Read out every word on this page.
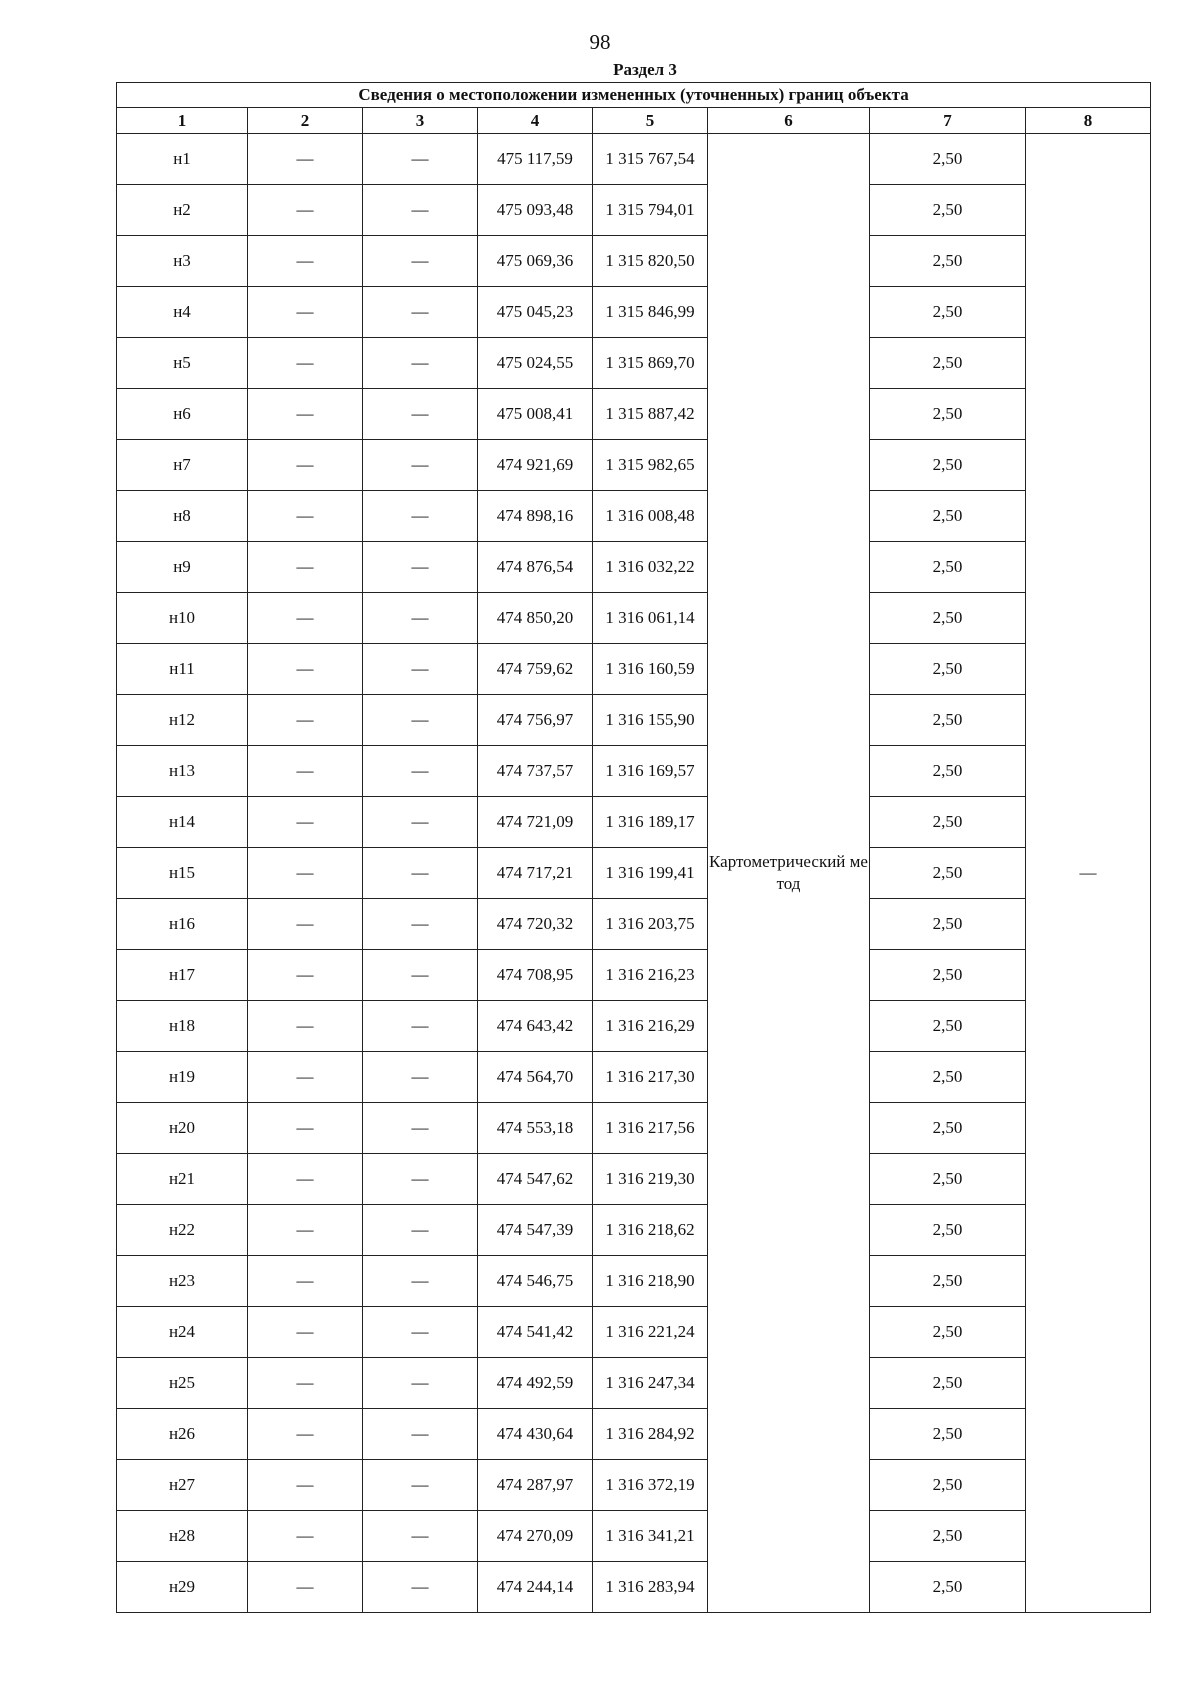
98
Раздел 3
Сведения о местоположении измененных (уточненных) границ объекта							
1	2	3	4	5	6	7	8
н1	—	—	475 117,59	1 315 767,54	Картометрический метод	2,50	—
н2	—	—	475 093,48	1 315 794,01		2,50	
н3	—	—	475 069,36	1 315 820,50		2,50	
н4	—	—	475 045,23	1 315 846,99		2,50	
н5	—	—	475 024,55	1 315 869,70		2,50	
н6	—	—	475 008,41	1 315 887,42		2,50	
н7	—	—	474 921,69	1 315 982,65		2,50	
н8	—	—	474 898,16	1 316 008,48		2,50	
н9	—	—	474 876,54	1 316 032,22		2,50	
н10	—	—	474 850,20	1 316 061,14		2,50	
н11	—	—	474 759,62	1 316 160,59		2,50	
н12	—	—	474 756,97	1 316 155,90		2,50	
н13	—	—	474 737,57	1 316 169,57		2,50	
н14	—	—	474 721,09	1 316 189,17		2,50	
н15	—	—	474 717,21	1 316 199,41		2,50	
н16	—	—	474 720,32	1 316 203,75		2,50	
н17	—	—	474 708,95	1 316 216,23		2,50	
н18	—	—	474 643,42	1 316 216,29		2,50	
н19	—	—	474 564,70	1 316 217,30		2,50	
н20	—	—	474 553,18	1 316 217,56		2,50	
н21	—	—	474 547,62	1 316 219,30		2,50	
н22	—	—	474 547,39	1 316 218,62		2,50	
н23	—	—	474 546,75	1 316 218,90		2,50	
н24	—	—	474 541,42	1 316 221,24		2,50	
н25	—	—	474 492,59	1 316 247,34		2,50	
н26	—	—	474 430,64	1 316 284,92		2,50	
н27	—	—	474 287,97	1 316 372,19		2,50	
н28	—	—	474 270,09	1 316 341,21		2,50	
н29	—	—	474 244,14	1 316 283,94		2,50	
